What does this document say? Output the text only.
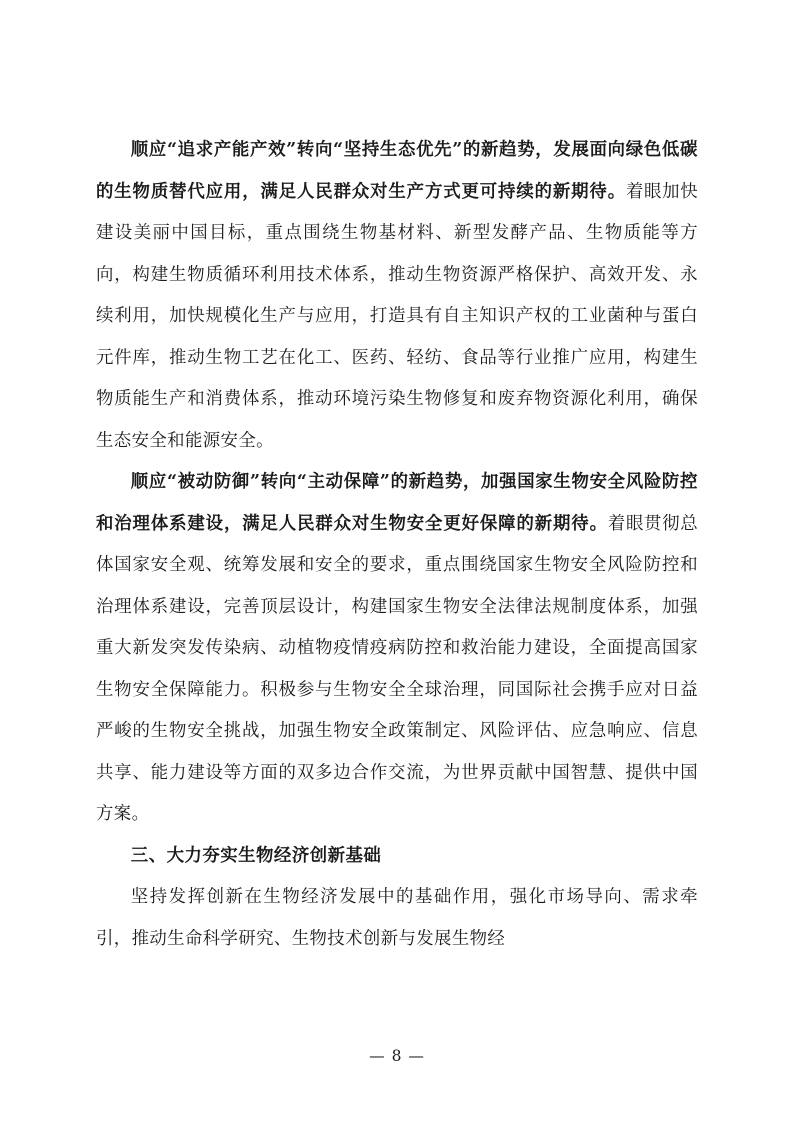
顺应“追求产能产效”转向“坚持生态优先”的新趋势，发展面向绿色低碳的生物质替代应用，满足人民群众对生产方式更可持续的新期待。着眼加快建设美丽中国目标，重点围绕生物基材料、新型发酵产品、生物质能等方向，构建生物质循环利用技术体系，推动生物资源严格保护、高效开发、永续利用，加快规模化生产与应用，打造具有自主知识产权的工业菌种与蛋白元件库，推动生物工艺在化工、医药、轻纺、食品等行业推广应用，构建生物质能生产和消费体系，推动环境污染生物修复和废弃物资源化利用，确保生态安全和能源安全。

顺应“被动防御”转向“主动保障”的新趋势，加强国家生物安全风险防控和治理体系建设，满足人民群众对生物安全更好保障的新期待。着眼贯彻总体国家安全观、统筹发展和安全的要求，重点围绕国家生物安全风险防控和治理体系建设，完善顶层设计，构建国家生物安全法律法规制度体系，加强重大新发突发传染病、动植物疫情疫病防控和救治能力建设，全面提高国家生物安全保障能力。积极参与生物安全全球治理，同国际社会携手应对日益严峻的生物安全挑战，加强生物安全政策制定、风险评估、应急响应、信息共享、能力建设等方面的双多边合作交流，为世界贡献中国智慧、提供中国方案。

三、大力夯实生物经济创新基础

坚持发挥创新在生物经济发展中的基础作用，强化市场导向、需求牵引，推动生命科学研究、生物技术创新与发展生物经

— 8 —
